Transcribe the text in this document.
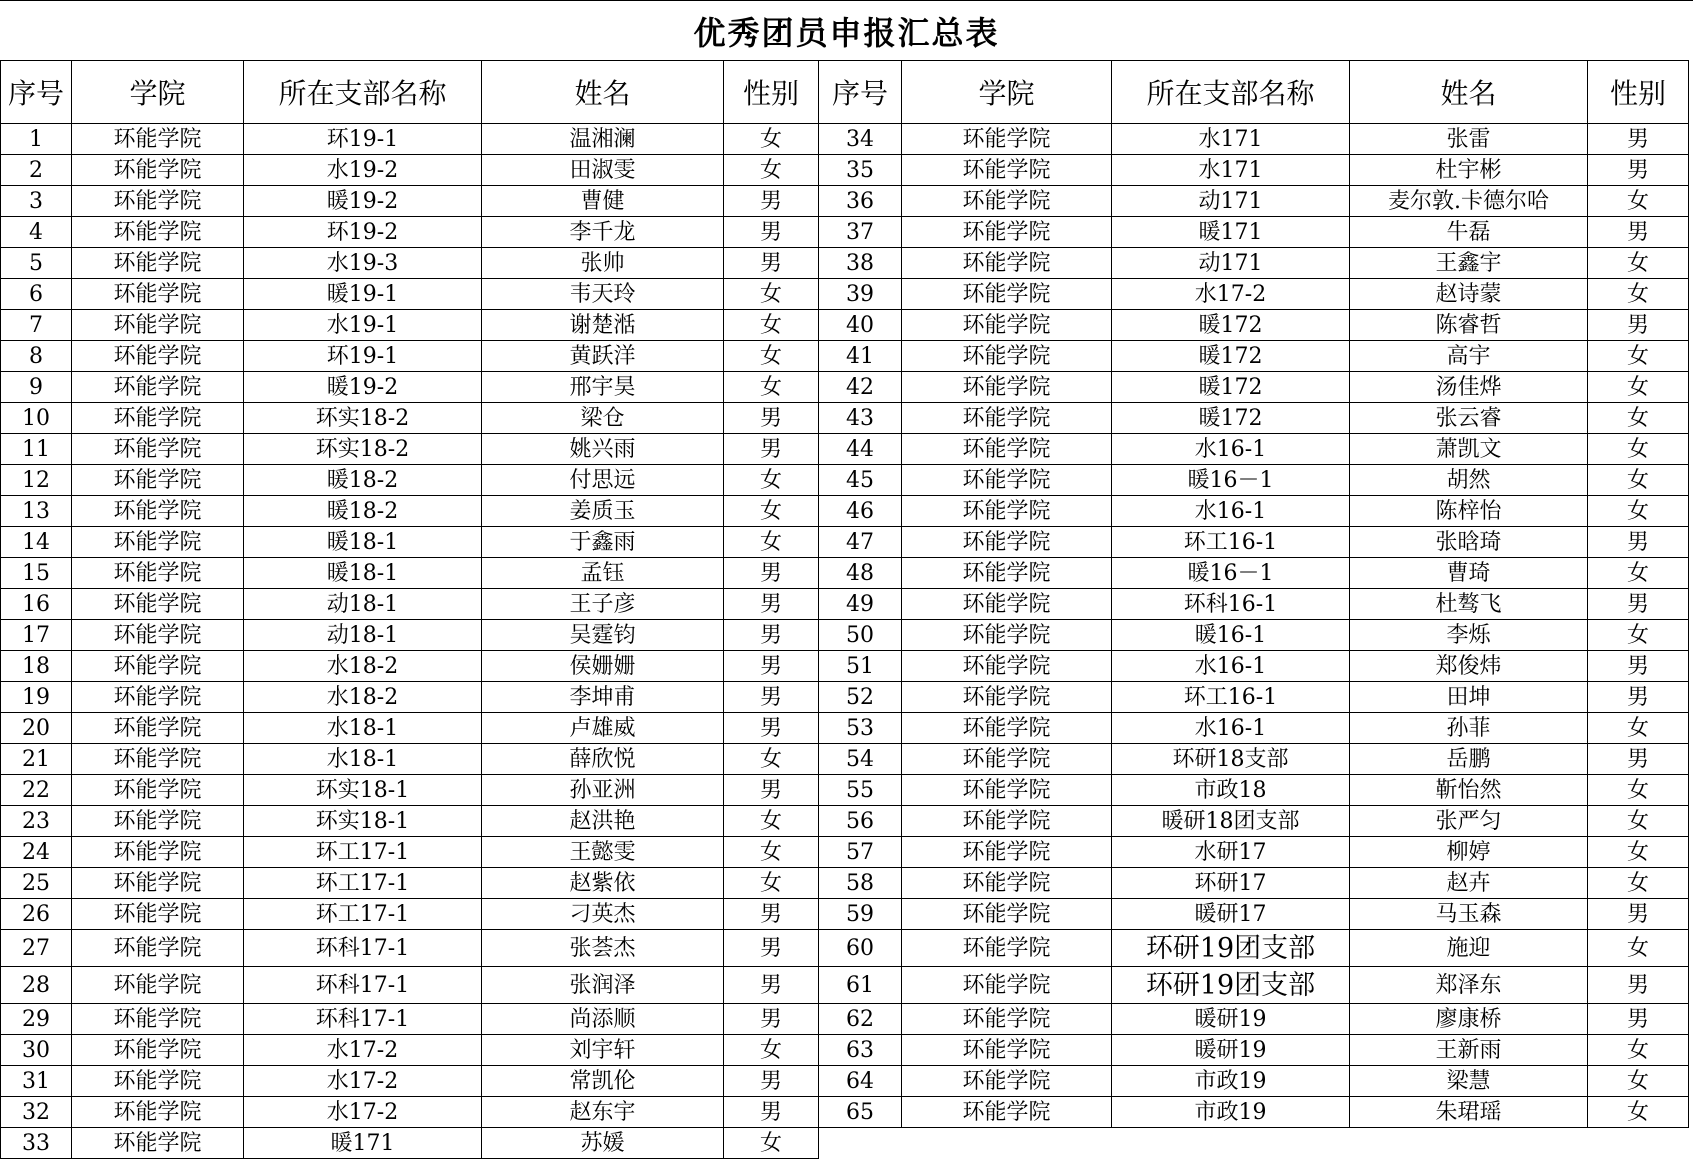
优秀团员申报汇总表
序号	学院	所在支部名称	姓名	性别	序号	学院	所在支部名称	姓名	性别
1	环能学院	环19-1	温湘澜	女	34	环能学院	水171	张雷	男
2	环能学院	水19-2	田淑雯	女	35	环能学院	水171	杜宇彬	男
3	环能学院	暖19-2	曹健	男	36	环能学院	动171	麦尔敦.卡德尔哈	女
4	环能学院	环19-2	李千龙	男	37	环能学院	暖171	牛磊	男
5	环能学院	水19-3	张帅	男	38	环能学院	动171	王鑫宇	女
6	环能学院	暖19-1	韦天玲	女	39	环能学院	水17-2	赵诗蒙	女
7	环能学院	水19-1	谢楚湉	女	40	环能学院	暖172	陈睿哲	男
8	环能学院	环19-1	黄跃洋	女	41	环能学院	暖172	高宇	女
9	环能学院	暖19-2	邢宇昊	女	42	环能学院	暖172	汤佳烨	女
10	环能学院	环实18-2	梁仓	男	43	环能学院	暖172	张云睿	女
11	环能学院	环实18-2	姚兴雨	男	44	环能学院	水16-1	萧凯文	女
12	环能学院	暖18-2	付思远	女	45	环能学院	暖16－1	胡然	女
13	环能学院	暖18-2	姜质玉	女	46	环能学院	水16-1	陈梓怡	女
14	环能学院	暖18-1	于鑫雨	女	47	环能学院	环工16-1	张晗琦	男
15	环能学院	暖18-1	孟钰	男	48	环能学院	暖16－1	曹琦	女
16	环能学院	动18-1	王子彦	男	49	环能学院	环科16-1	杜骜飞	男
17	环能学院	动18-1	吴霆钧	男	50	环能学院	暖16-1	李烁	女
18	环能学院	水18-2	侯姗姗	男	51	环能学院	水16-1	郑俊炜	男
19	环能学院	水18-2	李坤甫	男	52	环能学院	环工16-1	田坤	男
20	环能学院	水18-1	卢雄威	男	53	环能学院	水16-1	孙菲	女
21	环能学院	水18-1	薛欣悦	女	54	环能学院	环研18支部	岳鹏	男
22	环能学院	环实18-1	孙亚洲	男	55	环能学院	市政18	靳怡然	女
23	环能学院	环实18-1	赵洪艳	女	56	环能学院	暖研18团支部	张严匀	女
24	环能学院	环工17-1	王懿雯	女	57	环能学院	水研17	柳婷	女
25	环能学院	环工17-1	赵紫依	女	58	环能学院	环研17	赵卉	女
26	环能学院	环工17-1	刁英杰	男	59	环能学院	暖研17	马玉森	男
27	环能学院	环科17-1	张荟杰	男	60	环能学院	环研19团支部	施迎	女
28	环能学院	环科17-1	张润泽	男	61	环能学院	环研19团支部	郑泽东	男
29	环能学院	环科17-1	尚添顺	男	62	环能学院	暖研19	廖康桥	男
30	环能学院	水17-2	刘宇轩	女	63	环能学院	暖研19	王新雨	女
31	环能学院	水17-2	常凯伦	男	64	环能学院	市政19	梁慧	女
32	环能学院	水17-2	赵东宇	男	65	环能学院	市政19	朱珺瑶	女
33	环能学院	暖171	苏媛	女					
